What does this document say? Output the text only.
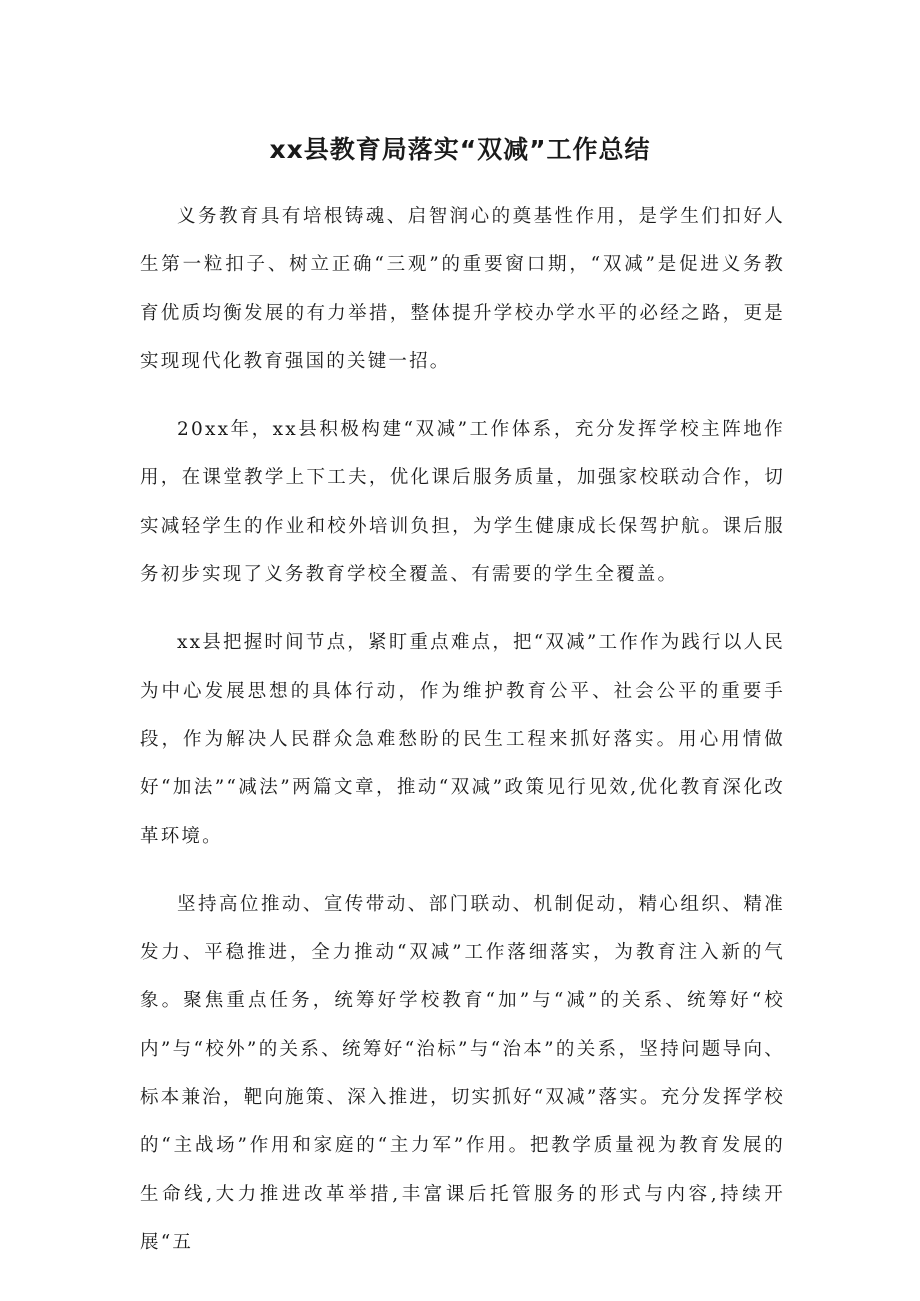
xx县教育局落实“双减”工作总结

义务教育具有培根铸魂、启智润心的奠基性作用，是学生们扣好人生第一粒扣子、树立正确“三观”的重要窗口期，“双减”是促进义务教育优质均衡发展的有力举措，整体提升学校办学水平的必经之路，更是实现现代化教育强国的关键一招。

20xx年，xx县积极构建“双减”工作体系，充分发挥学校主阵地作用，在课堂教学上下工夫，优化课后服务质量，加强家校联动合作，切实减轻学生的作业和校外培训负担，为学生健康成长保驾护航。课后服务初步实现了义务教育学校全覆盖、有需要的学生全覆盖。

xx县把握时间节点，紧盯重点难点，把“双减”工作作为践行以人民为中心发展思想的具体行动，作为维护教育公平、社会公平的重要手段，作为解决人民群众急难愁盼的民生工程来抓好落实。用心用情做好“加法”“减法”两篇文章，推动“双减”政策见行见效,优化教育深化改革环境。

坚持高位推动、宣传带动、部门联动、机制促动，精心组织、精准发力、平稳推进，全力推动“双减”工作落细落实，为教育注入新的气象。聚焦重点任务，统筹好学校教育“加”与“减”的关系、统筹好“校内”与“校外”的关系、统筹好“治标”与“治本”的关系，坚持问题导向、标本兼治，靶向施策、深入推进，切实抓好“双减”落实。充分发挥学校的“主战场”作用和家庭的“主力军”作用。把教学质量视为教育发展的生命线,大力推进改革举措,丰富课后托管服务的形式与内容,持续开展“五
